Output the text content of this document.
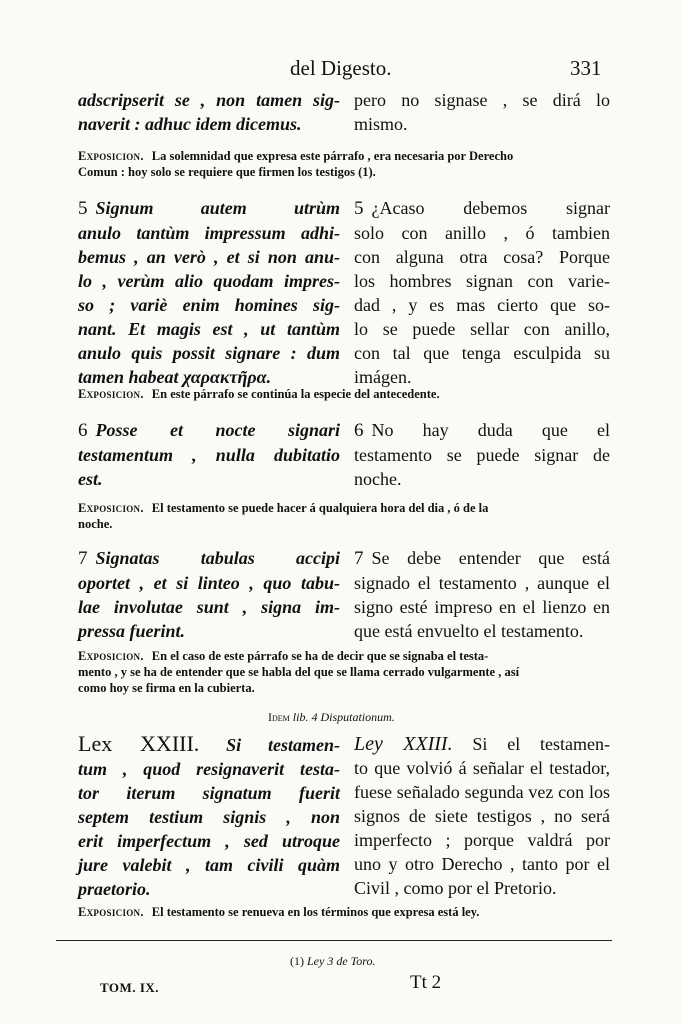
del Digesto.	331
adscripserit se , non tamen sig-
naverit : adhuc idem dicemus.
pero no signase , se dirá lo
mismo.
Exposicion. La solemnidad que expresa este párrafo , era necesaria por Derecho
Comun : hoy solo se requiere que firmen los testigos (1).
5 Signum autem utrùm
anulo tantùm impressum adhi-
bemus , an verò , et si non anu-
lo , verùm alio quodam impres-
so ; variè enim homines sig-
nant. Et magis est , ut tantùm
anulo quis possit signare : dum
tamen habeat χαρακτῆρα.
5 ¿Acaso debemos signar
solo con anillo , ó tambien
con alguna otra cosa? Porque
los hombres signan con varie-
dad , y es mas cierto que so-
lo se puede sellar con anillo,
con tal que tenga esculpida su
imágen.
Exposicion. En este párrafo se continúa la especie del antecedente.
6 Posse et nocte signari
testamentum , nulla dubitatio
est.
6 No hay duda que el
testamento se puede signar de
noche.
Exposicion. El testamento se puede hacer á qualquiera hora del dia , ó de la
noche.
7 Signatas tabulas accipi
oportet , et si linteo , quo tabu-
lae involutae sunt , signa im-
pressa fuerint.
7 Se debe entender que está
signado el testamento , aunque el
signo esté impreso en el lienzo en
que está envuelto el testamento.
Exposicion. En el caso de este párrafo se ha de decir que se signaba el testa-
mento , y se ha de entender que se habla del que se llama cerrado vulgarmente , así
como hoy se firma en la cubierta.
Idem lib. 4 Disputationum.
Lex XXIII. Si testamen-
tum , quod resignaverit testa-
tor iterum signatum fuerit
septem testium signis , non
erit imperfectum , sed utroque
jure valebit , tam civili quàm
praetorio.
Ley XXIII. Si el testamen-
to que volvió á señalar el testador,
fuese señalado segunda vez con los
signos de siete testigos , no será
imperfecto ; porque valdrá por
uno y otro Derecho , tanto por el
Civil , como por el Pretorio.
Exposicion. El testamento se renueva en los términos que expresa está ley.
(1) Ley 3 de Toro.
TOM. IX.	Tt 2
